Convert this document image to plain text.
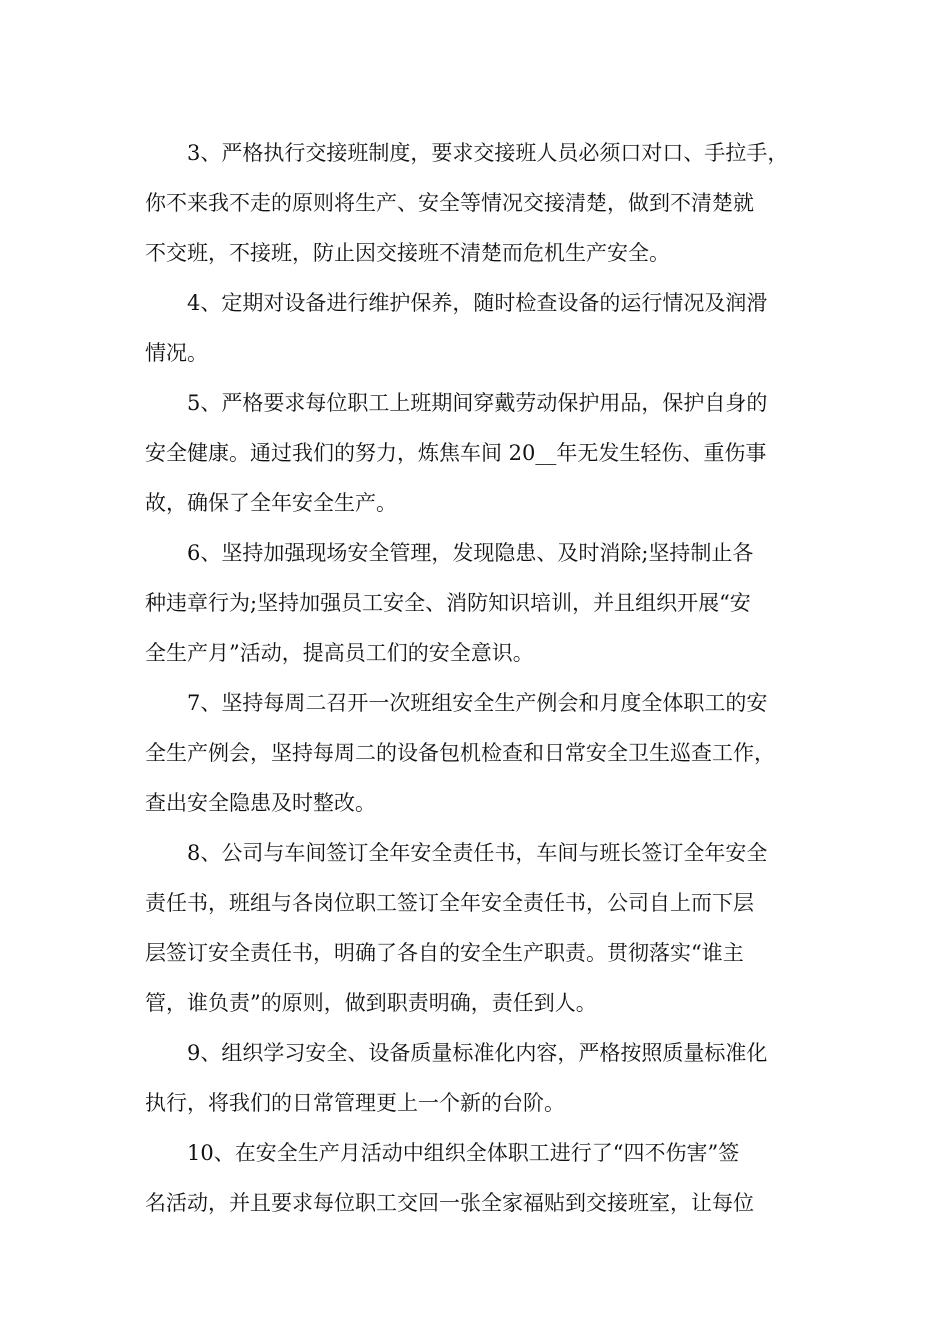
3、严格执行交接班制度，要求交接班人员必须口对口、手拉手，
你不来我不走的原则将生产、安全等情况交接清楚，做到不清楚就
不交班，不接班，防止因交接班不清楚而危机生产安全。
4、定期对设备进行维护保养，随时检查设备的运行情况及润滑
情况。
5、严格要求每位职工上班期间穿戴劳动保护用品，保护自身的
安全健康。通过我们的努力，炼焦车间 20__年无发生轻伤、重伤事
故，确保了全年安全生产。
6、坚持加强现场安全管理，发现隐患、及时消除;坚持制止各
种违章行为;坚持加强员工安全、消防知识培训，并且组织开展“安
全生产月”活动，提高员工们的安全意识。
7、坚持每周二召开一次班组安全生产例会和月度全体职工的安
全生产例会，坚持每周二的设备包机检查和日常安全卫生巡查工作，
查出安全隐患及时整改。
8、公司与车间签订全年安全责任书，车间与班长签订全年安全
责任书，班组与各岗位职工签订全年安全责任书，公司自上而下层
层签订安全责任书，明确了各自的安全生产职责。贯彻落实“谁主
管，谁负责”的原则，做到职责明确，责任到人。
9、组织学习安全、设备质量标准化内容，严格按照质量标准化
执行，将我们的日常管理更上一个新的台阶。
10、在安全生产月活动中组织全体职工进行了“四不伤害”签
名活动，并且要求每位职工交回一张全家福贴到交接班室，让每位
